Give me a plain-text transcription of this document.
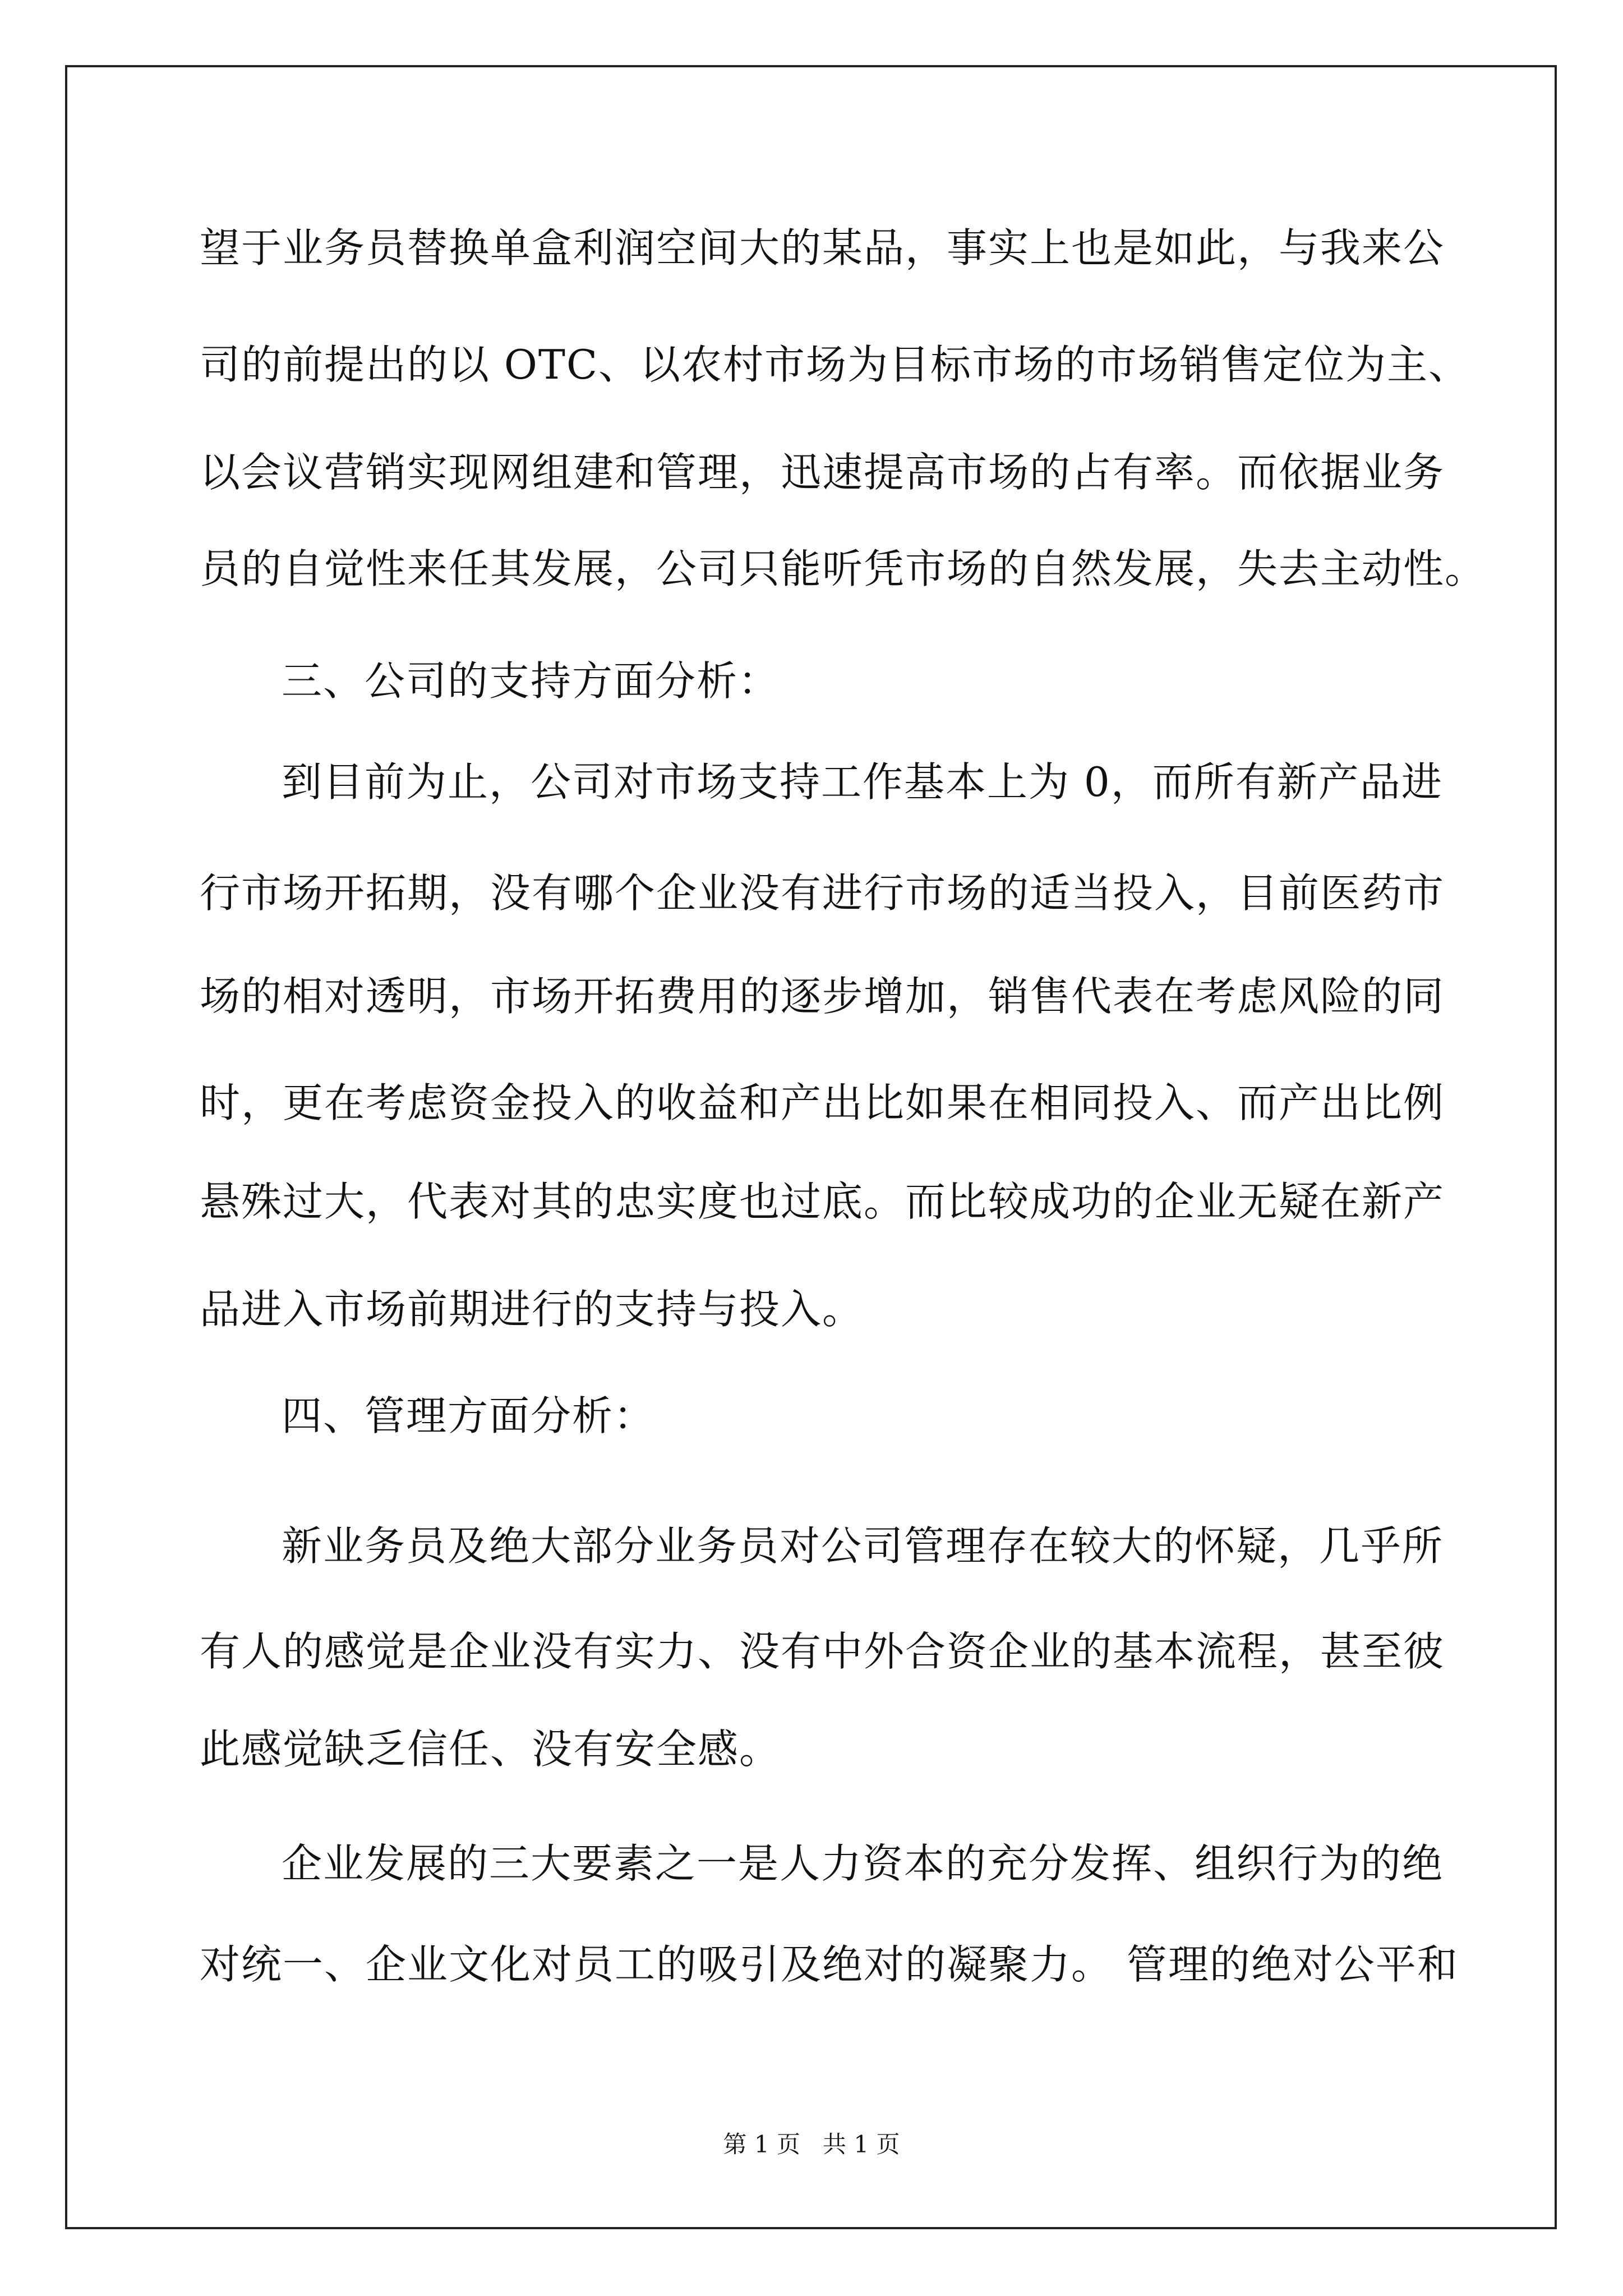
望于业务员替换单盒利润空间大的某品，事实上也是如此，与我来公
司的前提出的以 OTC、以农村市场为目标市场的市场销售定位为主、
以会议营销实现网组建和管理，迅速提高市场的占有率。而依据业务
员的自觉性来任其发展，公司只能听凭市场的自然发展，失去主动性。
三、公司的支持方面分析：
到目前为止，公司对市场支持工作基本上为 0，而所有新产品进
行市场开拓期，没有哪个企业没有进行市场的适当投入，目前医药市
场的相对透明，市场开拓费用的逐步增加，销售代表在考虑风险的同
时，更在考虑资金投入的收益和产出比如果在相同投入、而产出比例
悬殊过大，代表对其的忠实度也过底。而比较成功的企业无疑在新产
品进入市场前期进行的支持与投入。
四、管理方面分析：
新业务员及绝大部分业务员对公司管理存在较大的怀疑，几乎所
有人的感觉是企业没有实力、没有中外合资企业的基本流程，甚至彼
此感觉缺乏信任、没有安全感。
企业发展的三大要素之一是人力资本的充分发挥、组织行为的绝
对统一、企业文化对员工的吸引及绝对的凝聚力。 管理的绝对公平和
第 1 页   共 1 页
